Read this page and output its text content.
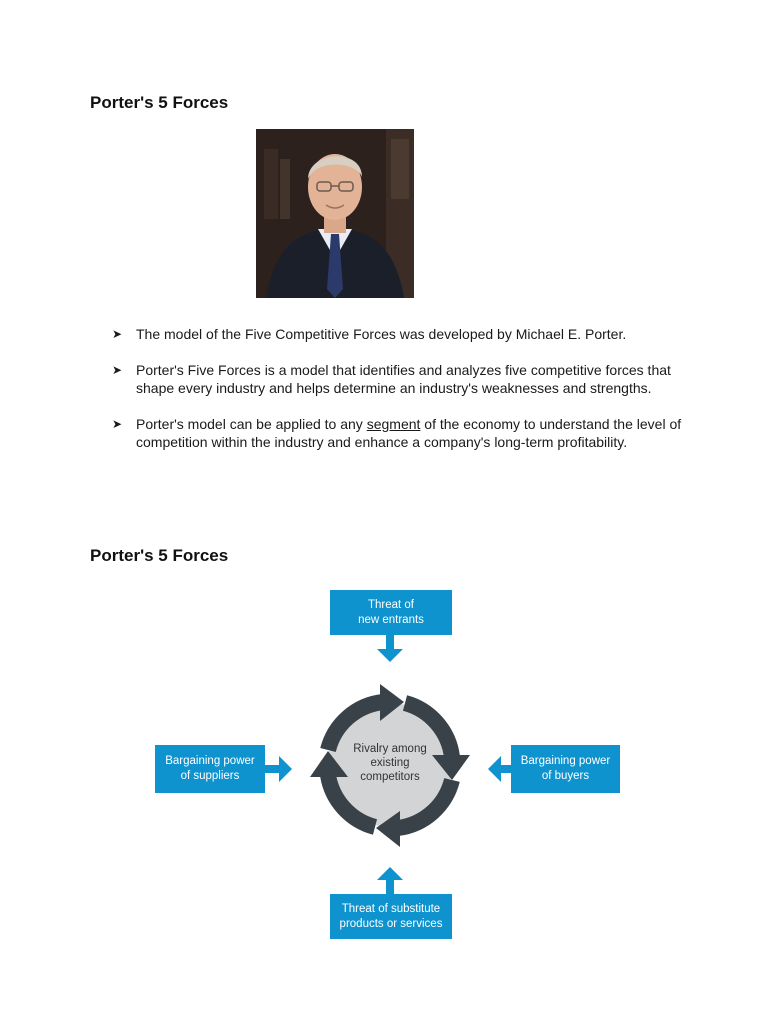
Porter's 5 Forces
➤ The model of the Five Competitive Forces was developed by Michael E. Porter.
➤ Porter's Five Forces is a model that identifies and analyzes five competitive forces that shape every industry and helps determine an industry's weaknesses and strengths.
➤ Porter's model can be applied to any segment of the economy to understand the level of competition within the industry and enhance a company's long-term profitability.
Porter's 5 Forces
Threat of
new entrants
Bargaining power
of suppliers
Bargaining power
of buyers
Threat of substitute
products or services
Rivalry among
existing
competitors
